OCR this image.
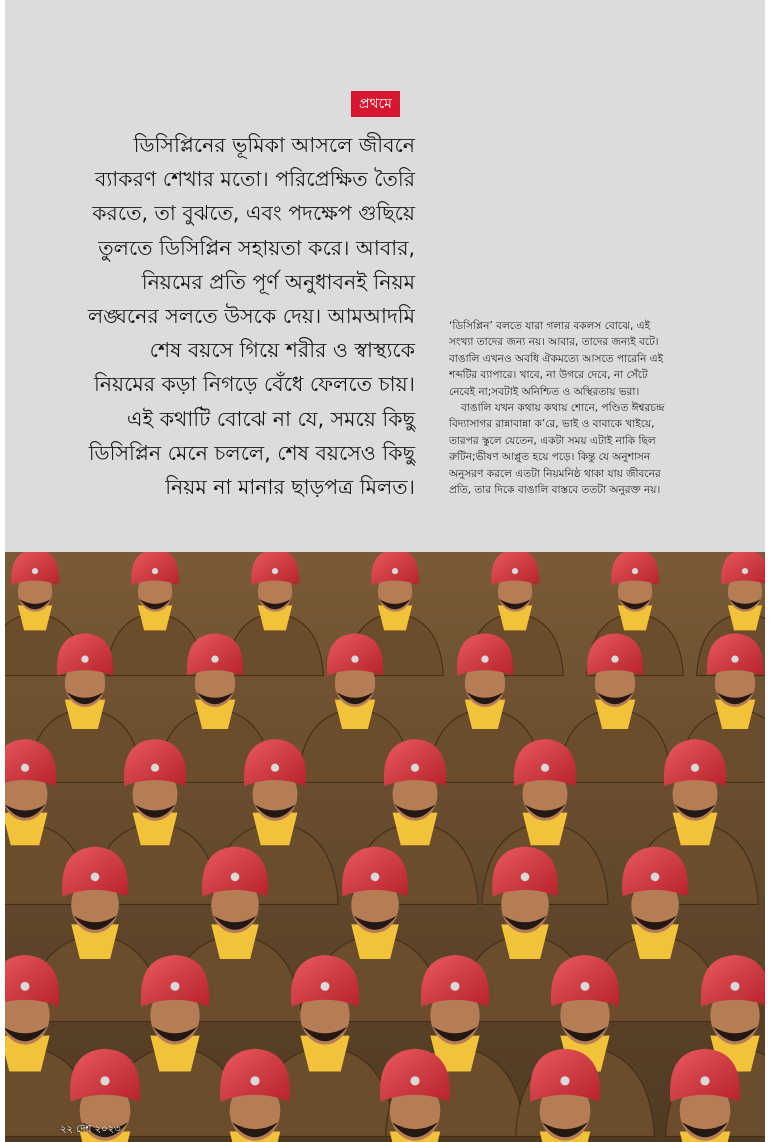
প্রথমে
ডিসিপ্লিনের ভূমিকা আসলে জীবনে
ব্যাকরণ শেখার মতো। পরিপ্রেক্ষিত তৈরি
করতে, তা বুঝতে, এবং পদক্ষেপ গুছিয়ে
তুলতে ডিসিপ্লিন সহায়তা করে। আবার,
নিয়মের প্রতি পূর্ণ অনুধাবনই নিয়ম
লঙ্ঘনের সলতে উসকে দেয়। আমআদমি
শেষ বয়সে গিয়ে শরীর ও স্বাস্থ্যকে
নিয়মের কড়া নিগড়ে বেঁধে ফেলতে চায়।
এই কথাটি বোঝে না যে, সময়ে কিছু
ডিসিপ্লিন মেনে চললে, শেষ বয়সেও কিছু
নিয়ম না মানার ছাড়পত্র মিলত।
‘ডিসিপ্লিন’ বলতে যারা গলার বকলস বোঝে, এই
সংখ্যা তাদের জন্য নয়। আবার, তাদের জন্যই বটে।
বাঙালি এখনও অবধি ঐকমত্যে আসতে পারেনি এই
শব্দটির ব্যাপারে। খাবে, না উগরে দেবে, না সেঁটে
নেবেই না;সবটাই অনিশ্চিত ও অস্থিরতায় ভরা।
বাঙালি যখন কথায় কথায় শোনে, পণ্ডিত ঈশ্বরচন্দ্র
বিদ্যাসাগর রান্নাবান্না ক’রে, ভাই ও বাবাকে খাইয়ে,
তারপর স্কুলে যেতেন, একটা সময় এটাই নাকি ছিল
রুটিন;ভীষণ আপ্লুত হয়ে পড়ে। কিন্তু যে অনুশাসন
অনুসরণ করলে এতটা নিয়মনিষ্ঠ থাকা যায় জীবনের
প্রতি, তার দিকে বাঙালি বাস্তবে ততটা অনুরক্ত নয়।
২২ দেশ ২০২৩
